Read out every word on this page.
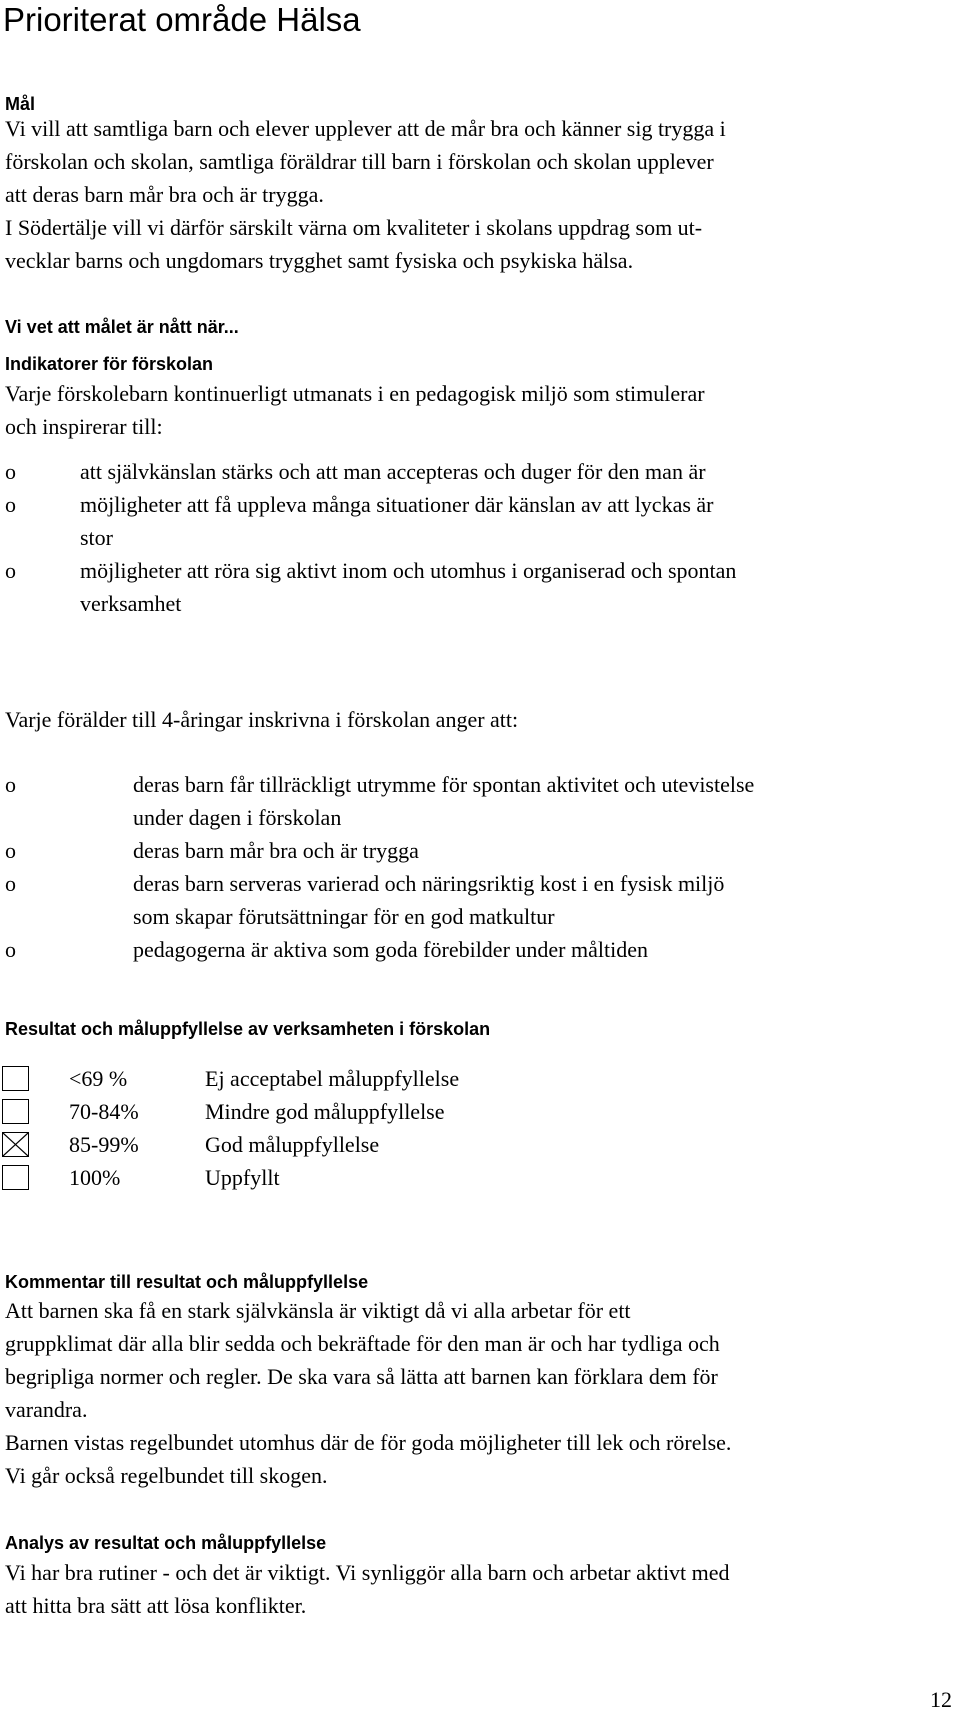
Prioriterat område Hälsa
Mål
Vi vill att samtliga barn och elever upplever att de mår bra och känner sig trygga i
förskolan och skolan, samtliga föräldrar till barn i förskolan och skolan upplever
att deras barn mår bra och är trygga.
I Södertälje vill vi därför särskilt värna om kvaliteter i skolans uppdrag som ut-
vecklar barns och ungdomars trygghet samt fysiska och psykiska hälsa.
Vi vet att målet är nått när...
Indikatorer för förskolan
Varje förskolebarn kontinuerligt utmanats i en pedagogisk miljö som stimulerar
och inspirerar till:
o	att självkänslan stärks och att man accepteras och duger för den man är
o	möjligheter att få uppleva många situationer där känslan av att lyckas är
stor
o	möjligheter att röra sig aktivt inom och utomhus i organiserad och spontan
verksamhet
Varje förälder till 4-åringar inskrivna i förskolan anger att:
o	deras barn får tillräckligt utrymme för spontan aktivitet och utevistelse
under dagen i förskolan
o	deras barn mår bra och är trygga
o	deras barn serveras varierad och näringsriktig kost i en fysisk miljö
som skapar förutsättningar för en god matkultur
o	pedagogerna är aktiva som goda förebilder under måltiden
Resultat och måluppfyllelse av verksamheten i förskolan
<69 %	Ej acceptabel måluppfyllelse
70-84%	Mindre god måluppfyllelse
85-99%	God måluppfyllelse
100%	Uppfyllt
Kommentar till resultat och måluppfyllelse
Att barnen ska få en stark självkänsla är viktigt då vi alla arbetar för ett
gruppklimat där alla blir sedda och bekräftade för den man är och har tydliga och
begripliga normer och regler. De ska vara så lätta att barnen kan förklara dem för
varandra.
Barnen vistas regelbundet utomhus där de för goda möjligheter till lek och rörelse.
Vi går också regelbundet till skogen.
Analys av resultat och måluppfyllelse
Vi har bra rutiner - och det är viktigt. Vi synliggör alla barn och arbetar aktivt med
att hitta bra sätt att lösa konflikter.
12
